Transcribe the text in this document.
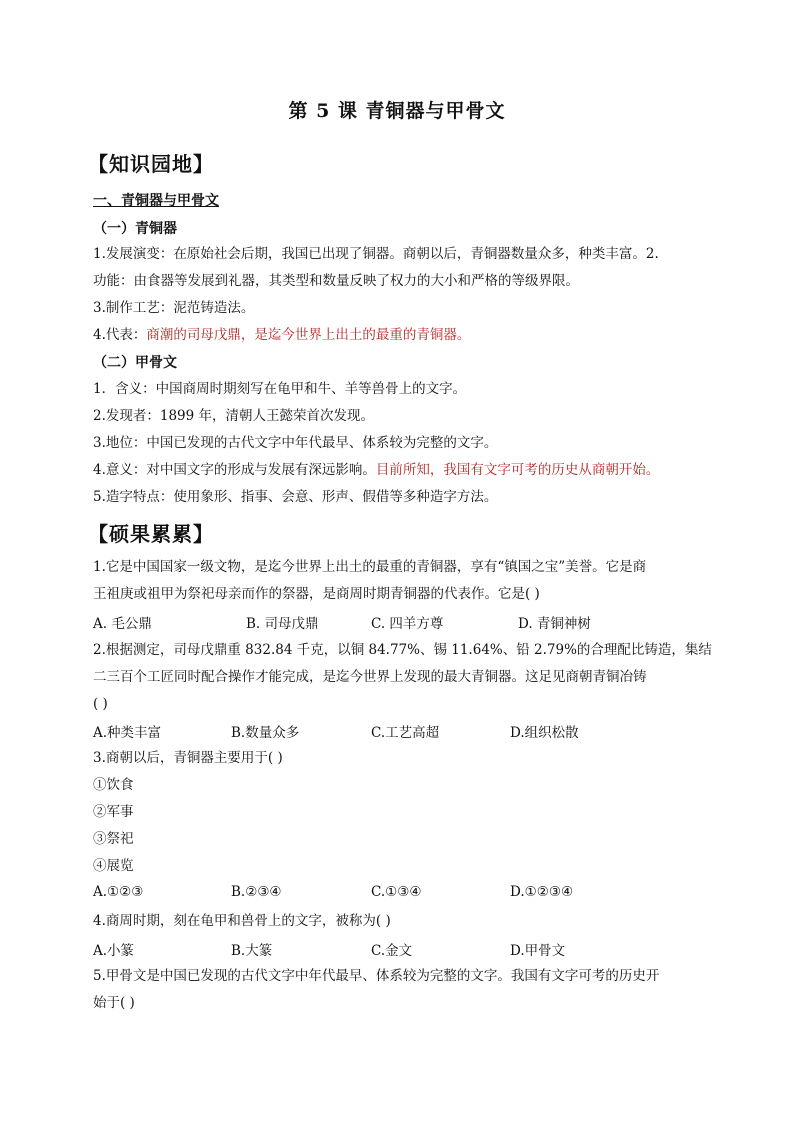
第 5 课 青铜器与甲骨文
【知识园地】
一、青铜器与甲骨文
（一）青铜器
1.发展演变：在原始社会后期，我国已出现了铜器。商朝以后，青铜器数量众多，种类丰富。2.
功能：由食器等发展到礼器，其类型和数量反映了权力的大小和严格的等级界限。
3.制作工艺：泥范铸造法。
4.代表：商潮的司母戊鼎，是迄今世界上出土的最重的青铜器。
（二）甲骨文
1．含义：中国商周时期刻写在龟甲和牛、羊等兽骨上的文字。
2.发现者：1899 年，清朝人王懿荣首次发现。
3.地位：中国已发现的古代文字中年代最早、体系较为完整的文字。
4.意义：对中国文字的形成与发展有深远影响。目前所知，我国有文字可考的历史从商朝开始。
5.造字特点：使用象形、指事、会意、形声、假借等多种造字方法。
【硕果累累】
1.它是中国国家一级文物，是迄今世界上出土的最重的青铜器，享有“镇国之宝”美誉。它是商
王祖庚或祖甲为祭祀母亲而作的祭器，是商周时期青铜器的代表作。它是( )
A. 毛公鼎	B. 司母戊鼎	C. 四羊方尊	D. 青铜神树
2.根据测定，司母戊鼎重 832.84 千克，以铜 84.77%、锡 11.64%、铅 2.79%的合理配比铸造，集结
二三百个工匠同时配合操作才能完成，是迄今世界上发现的最大青铜器。这足见商朝青铜冶铸
( )
A.种类丰富	B.数量众多	C.工艺高超	D.组织松散
3.商朝以后，青铜器主要用于( )
①饮食
②军事
③祭祀
④展览
A.①②③	B.②③④	C.①③④	D.①②③④
4.商周时期，刻在龟甲和兽骨上的文字，被称为( )
A.小篆	B.大篆	C.金文	D.甲骨文
5.甲骨文是中国已发现的古代文字中年代最早、体系较为完整的文字。我国有文字可考的历史开
始于( )
